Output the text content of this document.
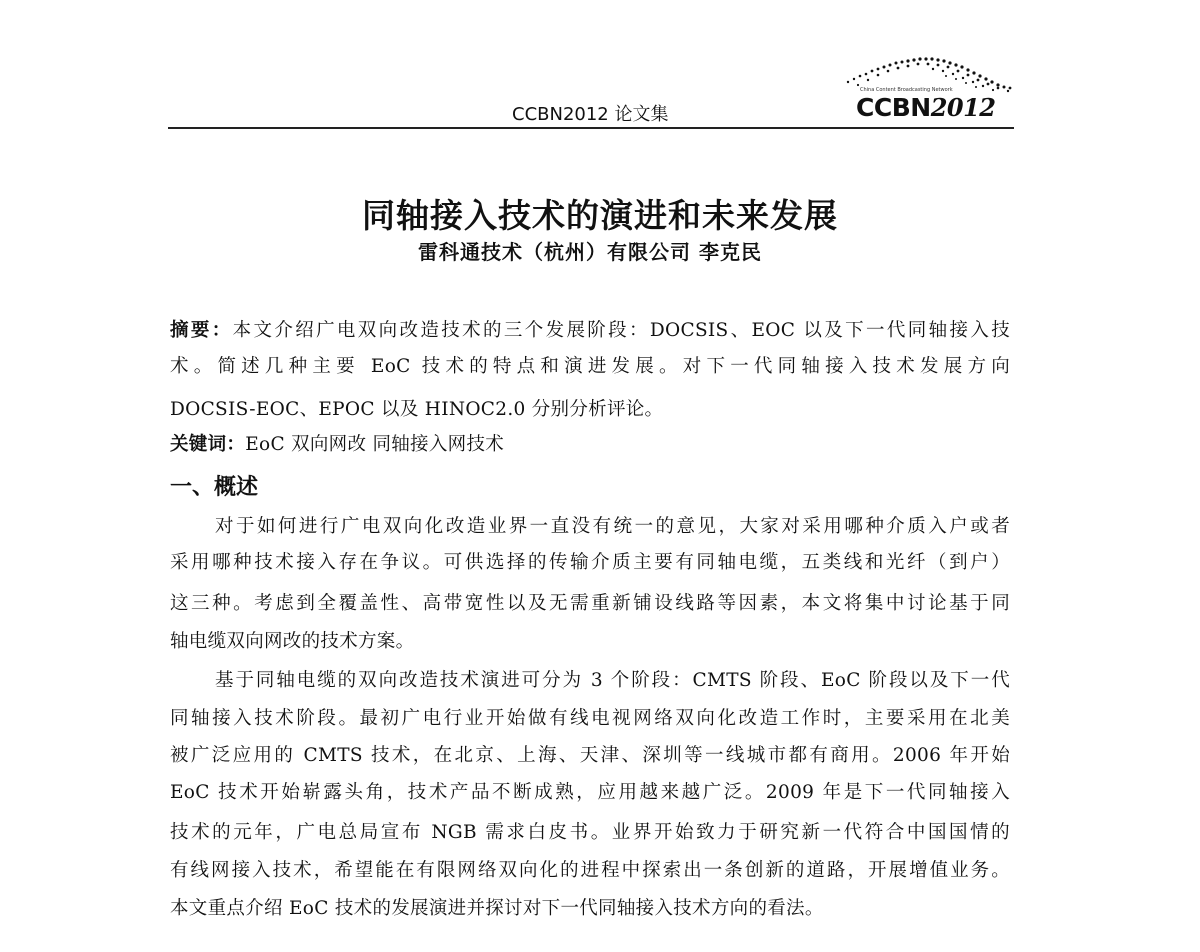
CCBN2012 论文集
China Content Broadcasting Network
CCBN2012
同轴接入技术的演进和未来发展
雷科通技术（杭州）有限公司 李克民
摘要：本文介绍广电双向改造技术的三个发展阶段：DOCSIS、EOC 以及下一代同轴接入技
术。简述几种主要 EoC 技术的特点和演进发展。对下一代同轴接入技术发展方向
DOCSIS-EOC、EPOC 以及 HINOC2.0 分别分析评论。
关键词：EoC 双向网改 同轴接入网技术
一、概述
对于如何进行广电双向化改造业界一直没有统一的意见，大家对采用哪种介质入户或者
采用哪种技术接入存在争议。可供选择的传输介质主要有同轴电缆，五类线和光纤（到户）
这三种。考虑到全覆盖性、高带宽性以及无需重新铺设线路等因素，本文将集中讨论基于同
轴电缆双向网改的技术方案。
基于同轴电缆的双向改造技术演进可分为 3 个阶段：CMTS 阶段、EoC 阶段以及下一代
同轴接入技术阶段。最初广电行业开始做有线电视网络双向化改造工作时，主要采用在北美
被广泛应用的 CMTS 技术，在北京、上海、天津、深圳等一线城市都有商用。2006 年开始
EoC 技术开始崭露头角，技术产品不断成熟，应用越来越广泛。2009 年是下一代同轴接入
技术的元年，广电总局宣布 NGB 需求白皮书。业界开始致力于研究新一代符合中国国情的
有线网接入技术，希望能在有限网络双向化的进程中探索出一条创新的道路，开展增值业务。
本文重点介绍 EoC 技术的发展演进并探讨对下一代同轴接入技术方向的看法。
